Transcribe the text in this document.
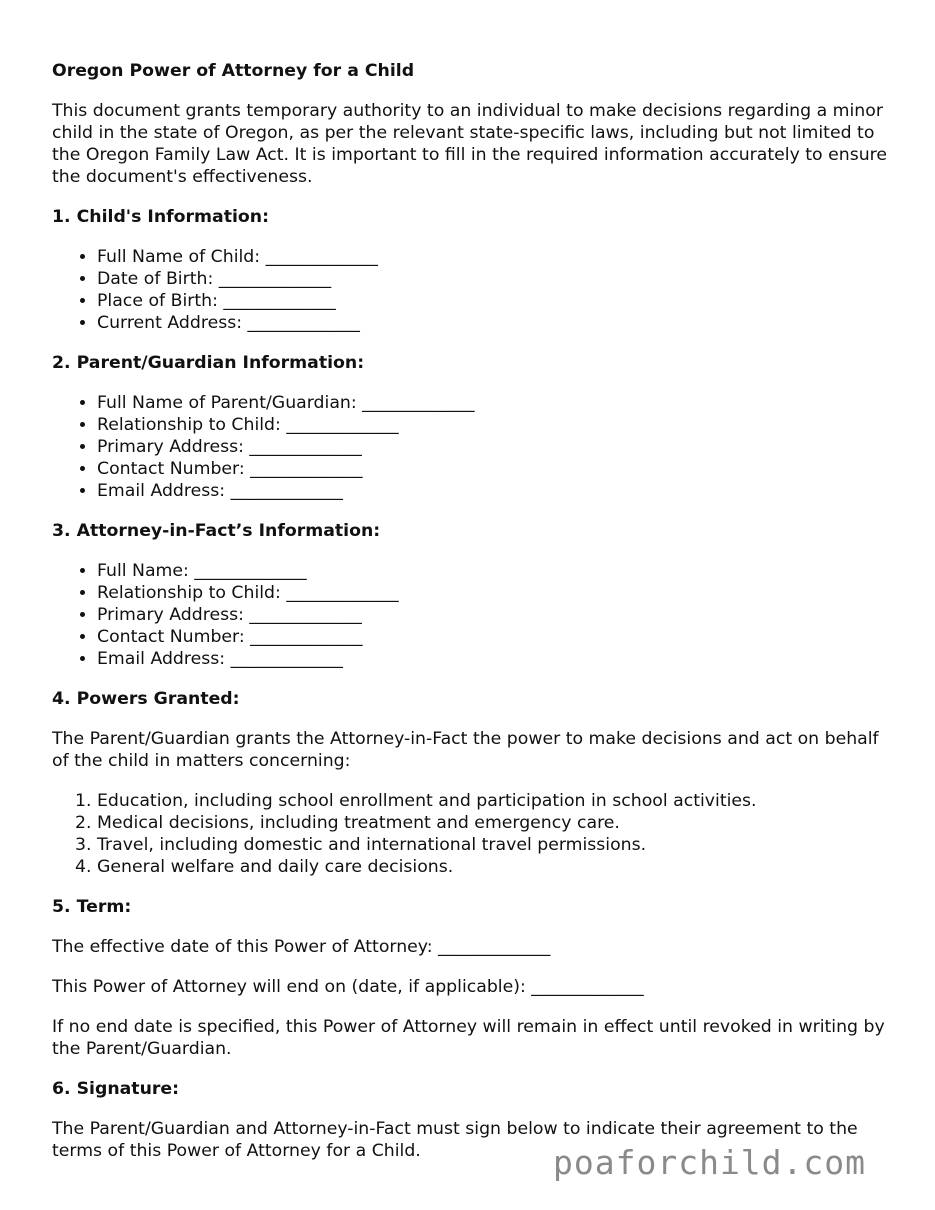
Oregon Power of Attorney for a Child

This document grants temporary authority to an individual to make decisions regarding a minor child in the state of Oregon, as per the relevant state-specific laws, including but not limited to the Oregon Family Law Act. It is important to fill in the required information accurately to ensure the document's effectiveness.

1. Child's Information:
• Full Name of Child: _____________
• Date of Birth: _____________
• Place of Birth: _____________
• Current Address: _____________
2. Parent/Guardian Information:
• Full Name of Parent/Guardian: _____________
• Relationship to Child: _____________
• Primary Address: _____________
• Contact Number: _____________
• Email Address: _____________
3. Attorney-in-Fact’s Information:
• Full Name: _____________
• Relationship to Child: _____________
• Primary Address: _____________
• Contact Number: _____________
• Email Address: _____________
4. Powers Granted:

The Parent/Guardian grants the Attorney-in-Fact the power to make decisions and act on behalf of the child in matters concerning:

1. Education, including school enrollment and participation in school activities.
2. Medical decisions, including treatment and emergency care.
3. Travel, including domestic and international travel permissions.
4. General welfare and daily care decisions.
5. Term:

The effective date of this Power of Attorney: _____________

This Power of Attorney will end on (date, if applicable): _____________

If no end date is specified, this Power of Attorney will remain in effect until revoked in writing by the Parent/Guardian.

6. Signature:

The Parent/Guardian and Attorney-in-Fact must sign below to indicate their agreement to the terms of this Power of Attorney for a Child.	poaforchild.com
